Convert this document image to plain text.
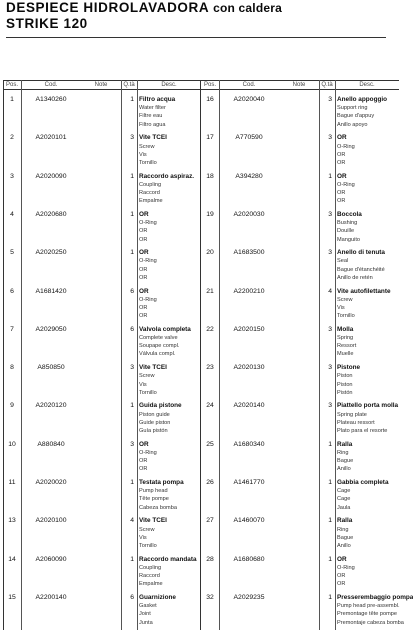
DESPIECE HIDROLAVADORA con caldera
STRIKE 120
Pos.	Cod.	Note	Q.tà	Desc.
1	A1340260	1 Filtro acqua
Water filter
Filtre eau
Filtro agua
2	A2020101	3 Vite TCEI
Screw
Vis
Tornillo
3	A2020090	1 Raccordo aspiraz.
Coupling
Raccord
Empalme
4	A2020680	1 OR
O-Ring
OR
OR
5	A2020250	1 OR
O-Ring
OR
OR
6	A1681420	6 OR
O-Ring
OR
OR
7	A2029050	6 Valvola completa
Complete valve
Soupape compl.
Válvula compl.
8	A850850	3 Vite TCEI
Screw
Vis
Tornillo
9	A2020120	1 Guida pistone
Piston guide
Guide piston
Guía pistón
10	A880840	3 OR
O-Ring
OR
OR
11	A2020020	1 Testata pompa
Pump head
Tête pompe
Cabeza bomba
13	A2020100	4 Vite TCEI
Screw
Vis
Tornillo
14	A2060090	1 Raccordo mandata
Coupling
Raccord
Empalme
15	A2200140	6 Guarnizione
Gasket
Joint
Junta
Pos.	Cod.	Note	Q.tà	Desc.
16	A2020040	3 Anello appoggio
Support ring
Bague d'appuy
Anillo apoyo
17	A770590	3 OR
O-Ring
OR
OR
18	A394280	1 OR
O-Ring
OR
OR
19	A2020030	3 Boccola
Bushing
Douille
Manguito
20	A1683500	3 Anello di tenuta
Seal
Bague d'étanchéité
Anillo de retén
21	A2200210	4 Vite autofilettante
Screw
Vis
Tornillo
22	A2020150	3 Molla
Spring
Ressort
Muelle
23	A2020130	3 Pistone
Piston
Piston
Pistón
24	A2020140	3 Piattello porta molla
Spring plate
Plateau ressort
Plato para el resorte
25	A1680340	1 Ralla
Ring
Bague
Anillo
26	A1461770	1 Gabbia completa
Cage
Cage
Jaula
27	A1460070	1 Ralla
Ring
Bague
Anillo
28	A1680680	1 OR
O-Ring
OR
OR
32	A2029235	1 Presserembaggio pompa
Pump head pre-assembl.
Premontage tête pompe
Premontaje cabeza bomba
